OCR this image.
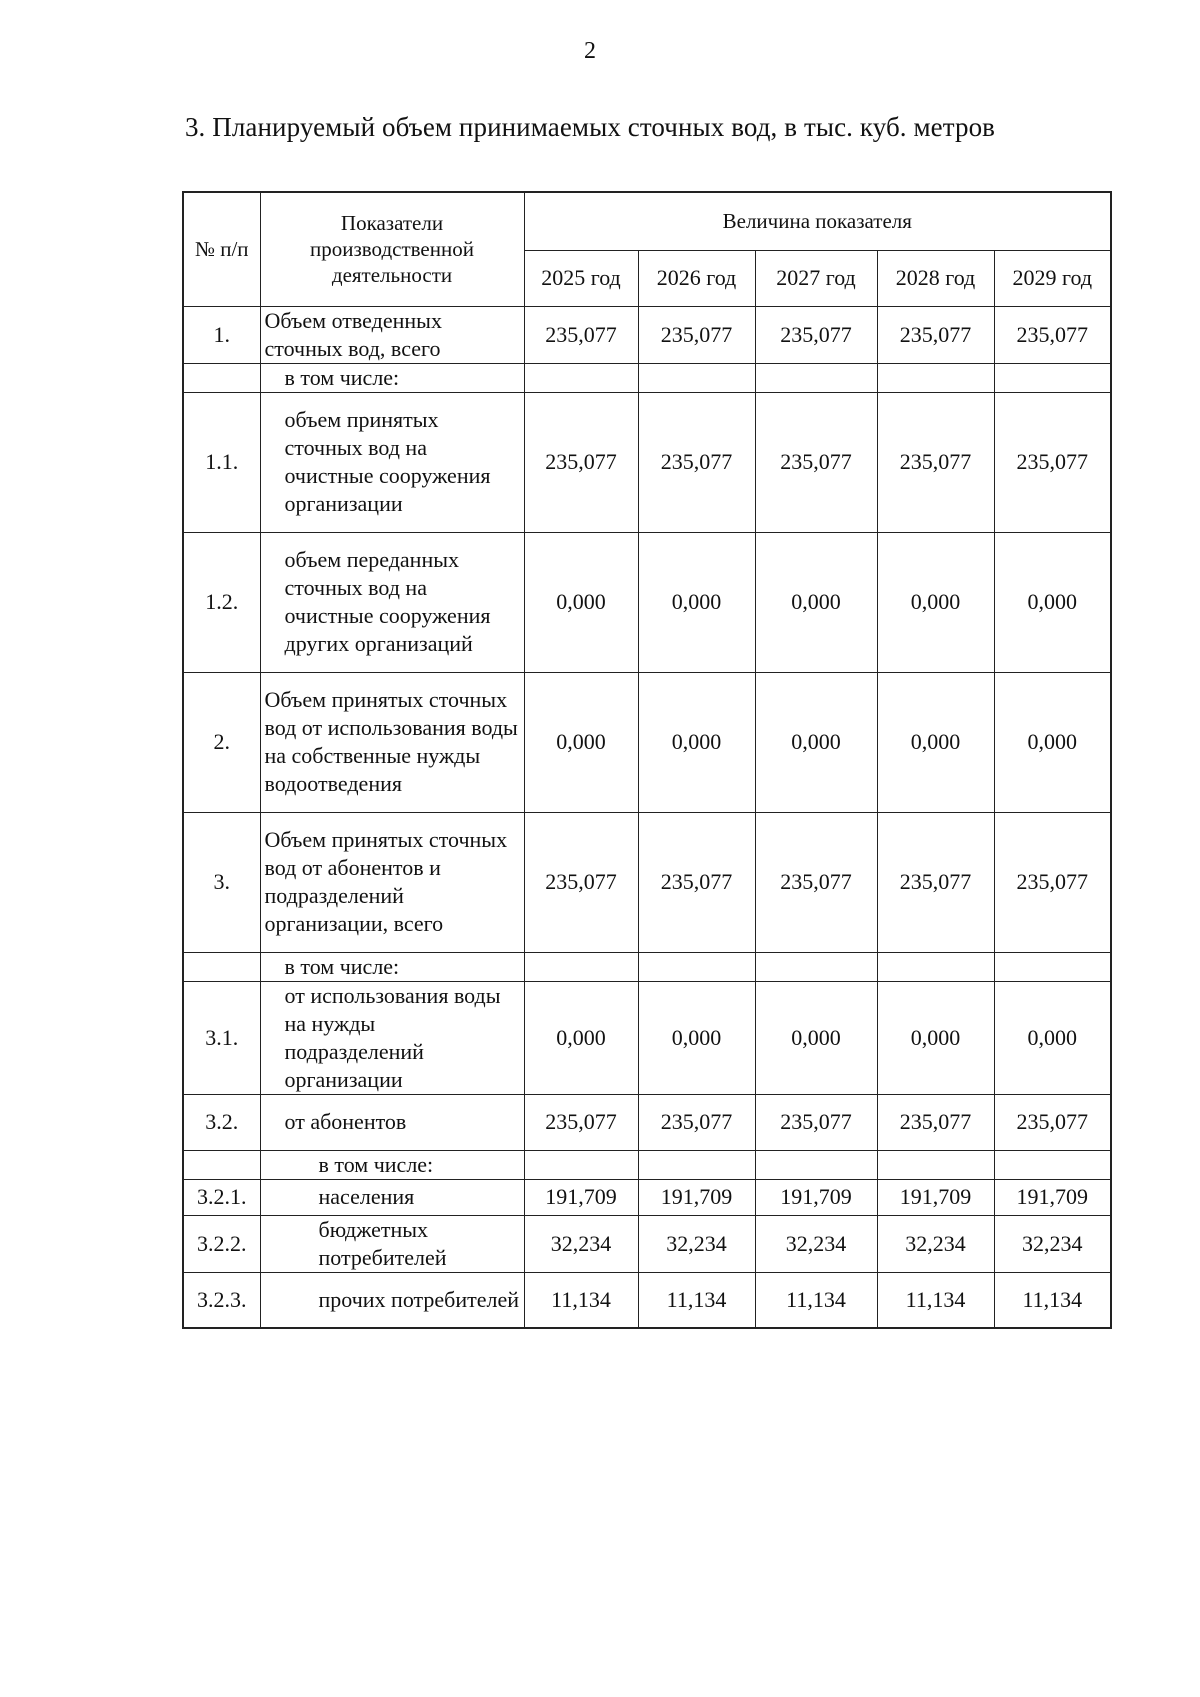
2
3. Планируемый объем принимаемых сточных вод, в тыс. куб. метров
№ п/п	Показатели производственной деятельности	Величина показателя				
		2025 год	2026 год	2027 год	2028 год	2029 год
1.	Объем отведенных сточных вод, всего	235,077	235,077	235,077	235,077	235,077
	в том числе:					
1.1.	объем принятых сточных вод на очистные сооружения организации	235,077	235,077	235,077	235,077	235,077
1.2.	объем переданных сточных вод на очистные сооружения других организаций	0,000	0,000	0,000	0,000	0,000
2.	Объем принятых сточных вод от использования воды на собственные нужды водоотведения	0,000	0,000	0,000	0,000	0,000
3.	Объем принятых сточных вод от абонентов и подразделений организации, всего	235,077	235,077	235,077	235,077	235,077
	в том числе:					
3.1.	от использования воды на нужды подразделений организации	0,000	0,000	0,000	0,000	0,000
3.2.	от абонентов	235,077	235,077	235,077	235,077	235,077
	в том числе:					
3.2.1.	населения	191,709	191,709	191,709	191,709	191,709
3.2.2.	бюджетных потребителей	32,234	32,234	32,234	32,234	32,234
3.2.3.	прочих потребителей	11,134	11,134	11,134	11,134	11,134
